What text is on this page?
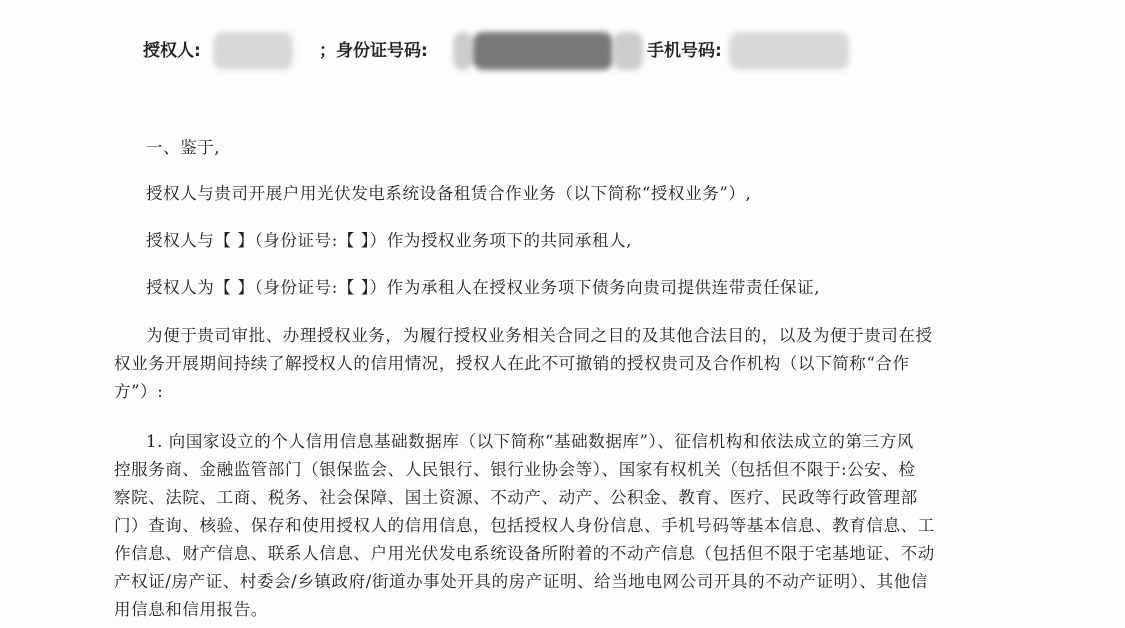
授权人:	；身份证号码:	手机号码:
一、鉴于,
授权人与贵司开展户用光伏发电系统设备租赁合作业务（以下简称“授权业务”）,
授权人与【 】（身份证号:【 】）作为授权业务项下的共同承租人,
授权人为【 】（身份证号:【 】）作为承租人在授权业务项下债务向贵司提供连带责任保证,
为便于贵司审批、办理授权业务，为履行授权业务相关合同之目的及其他合法目的，以及为便于贵司在授
权业务开展期间持续了解授权人的信用情况，授权人在此不可撤销的授权贵司及合作机构（以下简称“合作
方”）:
1. 向国家设立的个人信用信息基础数据库（以下简称“基础数据库”）、征信机构和依法成立的第三方风
控服务商、金融监管部门（银保监会、人民银行、银行业协会等）、国家有权机关（包括但不限于:公安、检
察院、法院、工商、税务、社会保障、国土资源、不动产、动产、公积金、教育、医疗、民政等行政管理部
门）查询、核验、保存和使用授权人的信用信息，包括授权人身份信息、手机号码等基本信息、教育信息、工
作信息、财产信息、联系人信息、户用光伏发电系统设备所附着的不动产信息（包括但不限于宅基地证、不动
产权证/房产证、村委会/乡镇政府/街道办事处开具的房产证明、给当地电网公司开具的不动产证明）、其他信
用信息和信用报告。
